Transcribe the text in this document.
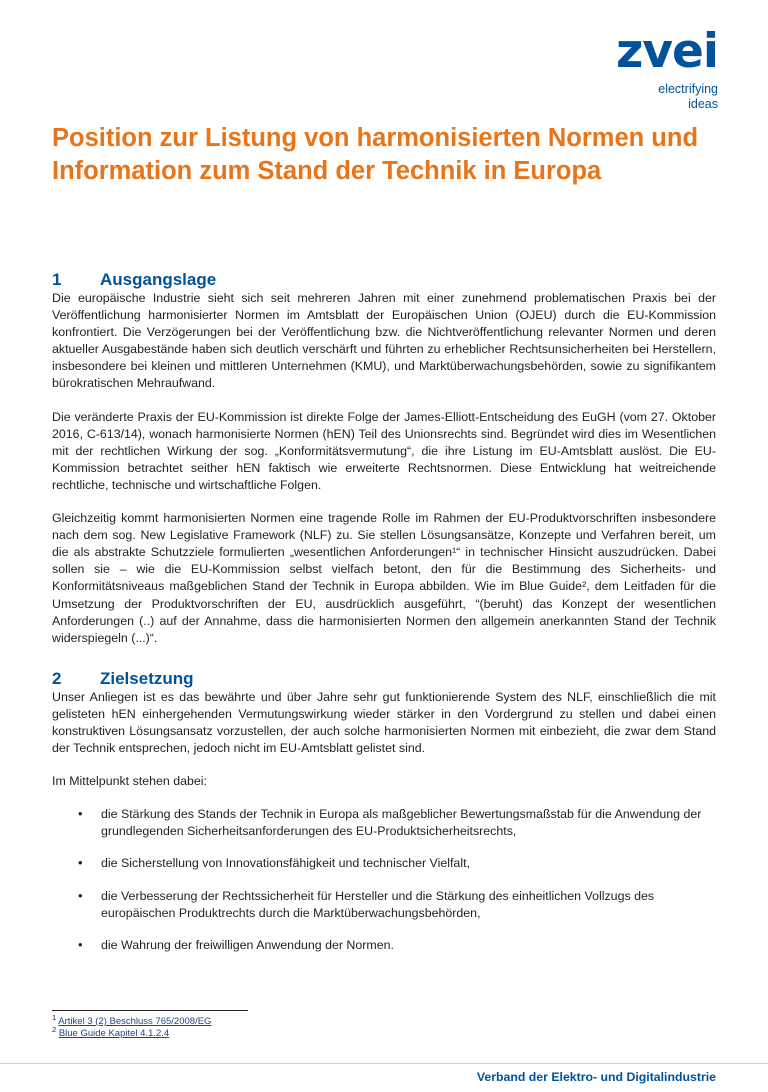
zvei
electrifying
ideas
Position zur Listung von harmonisierten Normen und Information zum Stand der Technik in Europa
1	Ausgangslage

Die europäische Industrie sieht sich seit mehreren Jahren mit einer zunehmend problematischen Praxis bei der Veröffentlichung harmonisierter Normen im Amtsblatt der Europäischen Union (OJEU) durch die EU-Kommission konfrontiert. Die Verzögerungen bei der Veröffentlichung bzw. die Nichtveröffentlichung relevanter Normen und deren aktueller Ausgabestände haben sich deutlich verschärft und führten zu erheblicher Rechtsunsicherheiten bei Herstellern, insbesondere bei kleinen und mittleren Unternehmen (KMU), und Marktüberwachungsbehörden, sowie zu signifikantem bürokratischen Mehraufwand.

Die veränderte Praxis der EU-Kommission ist direkte Folge der James-Elliott-Entscheidung des EuGH (vom 27. Oktober 2016, C-613/14), wonach harmonisierte Normen (hEN) Teil des Unionsrechts sind. Begründet wird dies im Wesentlichen mit der rechtlichen Wirkung der sog. „Konformitätsvermutung“, die ihre Listung im EU-Amtsblatt auslöst. Die EU-Kommission betrachtet seither hEN faktisch wie erweiterte Rechtsnormen. Diese Entwicklung hat weitreichende rechtliche, technische und wirtschaftliche Folgen.

Gleichzeitig kommt harmonisierten Normen eine tragende Rolle im Rahmen der EU-Produktvorschriften insbesondere nach dem sog. New Legislative Framework (NLF) zu. Sie stellen Lösungsansätze, Konzepte und Verfahren bereit, um die als abstrakte Schutzziele formulierten „wesentlichen Anforderungen¹“ in technischer Hinsicht auszudrücken. Dabei sollen sie – wie die EU-Kommission selbst vielfach betont, den für die Bestimmung des Sicherheits- und Konformitätsniveaus maßgeblichen Stand der Technik in Europa abbilden. Wie im Blue Guide², dem Leitfaden für die Umsetzung der Produktvorschriften der EU, ausdrücklich ausgeführt, “(beruht) das Konzept der wesentlichen Anforderungen (..) auf der Annahme, dass die harmonisierten Normen den allgemein anerkannten Stand der Technik widerspiegeln (...)“.

2	Zielsetzung

Unser Anliegen ist es das bewährte und über Jahre sehr gut funktionierende System des NLF, einschließlich die mit gelisteten hEN einhergehenden Vermutungswirkung wieder stärker in den Vordergrund zu stellen und dabei einen konstruktiven Lösungsansatz vorzustellen, der auch solche harmonisierten Normen mit einbezieht, die zwar dem Stand der Technik entsprechen, jedoch nicht im EU-Amtsblatt gelistet sind.

Im Mittelpunkt stehen dabei:

• die Stärkung des Stands der Technik in Europa als maßgeblicher Bewertungsmaßstab für die Anwendung der grundlegenden Sicherheitsanforderungen des EU-Produktsicherheitsrechts,
• die Sicherstellung von Innovationsfähigkeit und technischer Vielfalt,
• die Verbesserung der Rechtssicherheit für Hersteller und die Stärkung des einheitlichen Vollzugs des europäischen Produktrechts durch die Marktüberwachungsbehörden,
• die Wahrung der freiwilligen Anwendung der Normen.
$^1$ Artikel 3 (2) Beschluss 765/2008/EG
$^2$ Blue Guide Kapitel 4.1.2.4
Verband der Elektro- und Digitalindustrie
